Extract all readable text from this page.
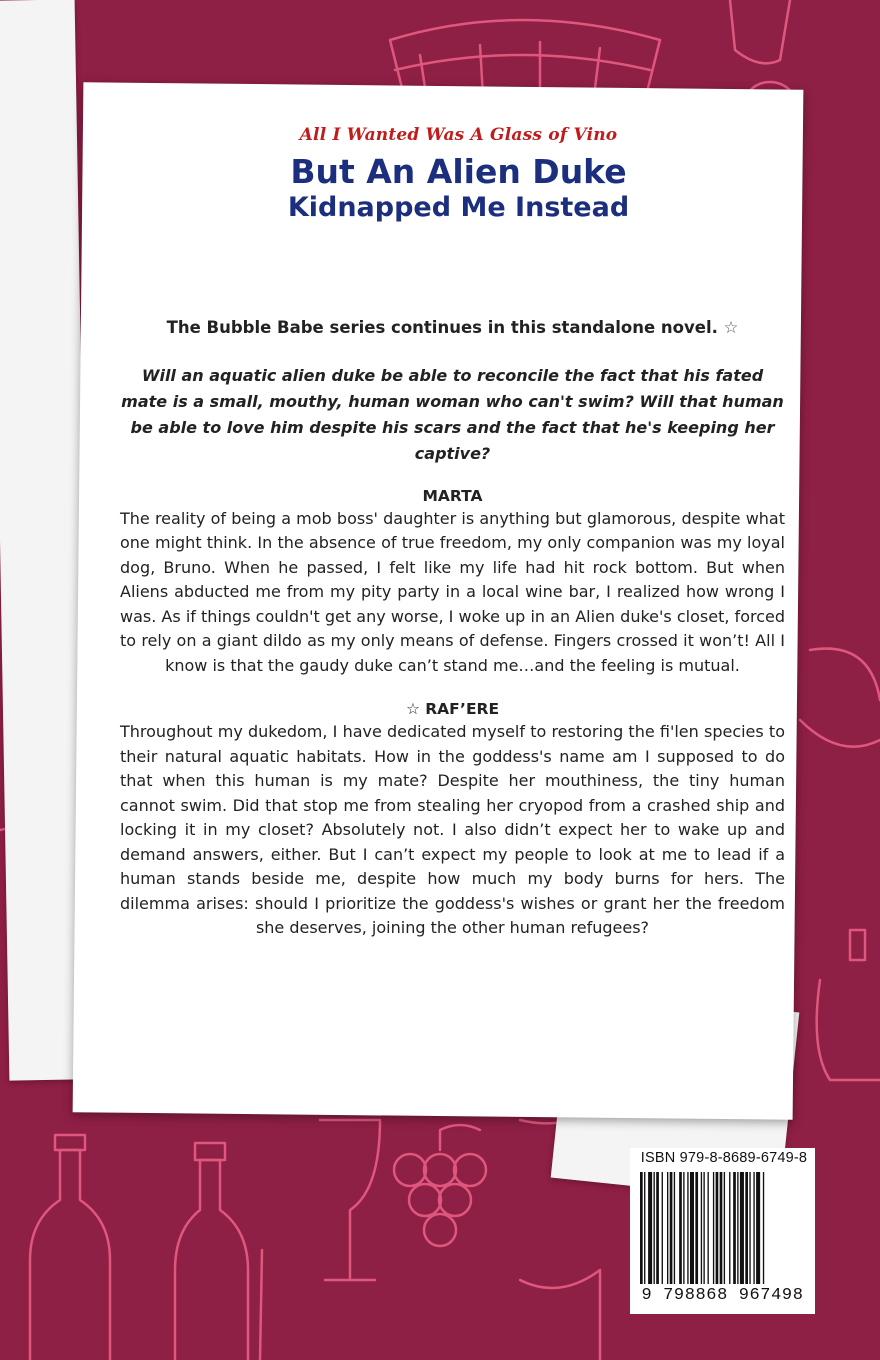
All I Wanted Was A Glass of Vino
But An Alien Duke
Kidnapped Me Instead

The Bubble Babe series continues in this standalone novel. ☆

Will an aquatic alien duke be able to reconcile the fact that his fated mate is a small, mouthy, human woman who can't swim? Will that human be able to love him despite his scars and the fact that he's keeping her captive?

MARTA

The reality of being a mob boss' daughter is anything but glamorous, despite what one might think. In the absence of true freedom, my only companion was my loyal dog, Bruno. When he passed, I felt like my life had hit rock bottom. But when Aliens abducted me from my pity party in a local wine bar, I realized how wrong I was. As if things couldn't get any worse, I woke up in an Alien duke's closet, forced to rely on a giant dildo as my only means of defense. Fingers crossed it won’t! All I know is that the gaudy duke can’t stand me…and the feeling is mutual.

☆ RAF’ERE

Throughout my dukedom, I have dedicated myself to restoring the fi'len species to their natural aquatic habitats. How in the goddess's name am I supposed to do that when this human is my mate? Despite her mouthiness, the tiny human cannot swim. Did that stop me from stealing her cryopod from a crashed ship and locking it in my closet? Absolutely not. I also didn’t expect her to wake up and demand answers, either. But I can’t expect my people to look at me to lead if a human stands beside me, despite how much my body burns for hers. The dilemma arises: should I prioritize the goddess's wishes or grant her the freedom she deserves, joining the other human refugees?

ISBN 979-8-8689-6749-8
9 798868 967498
